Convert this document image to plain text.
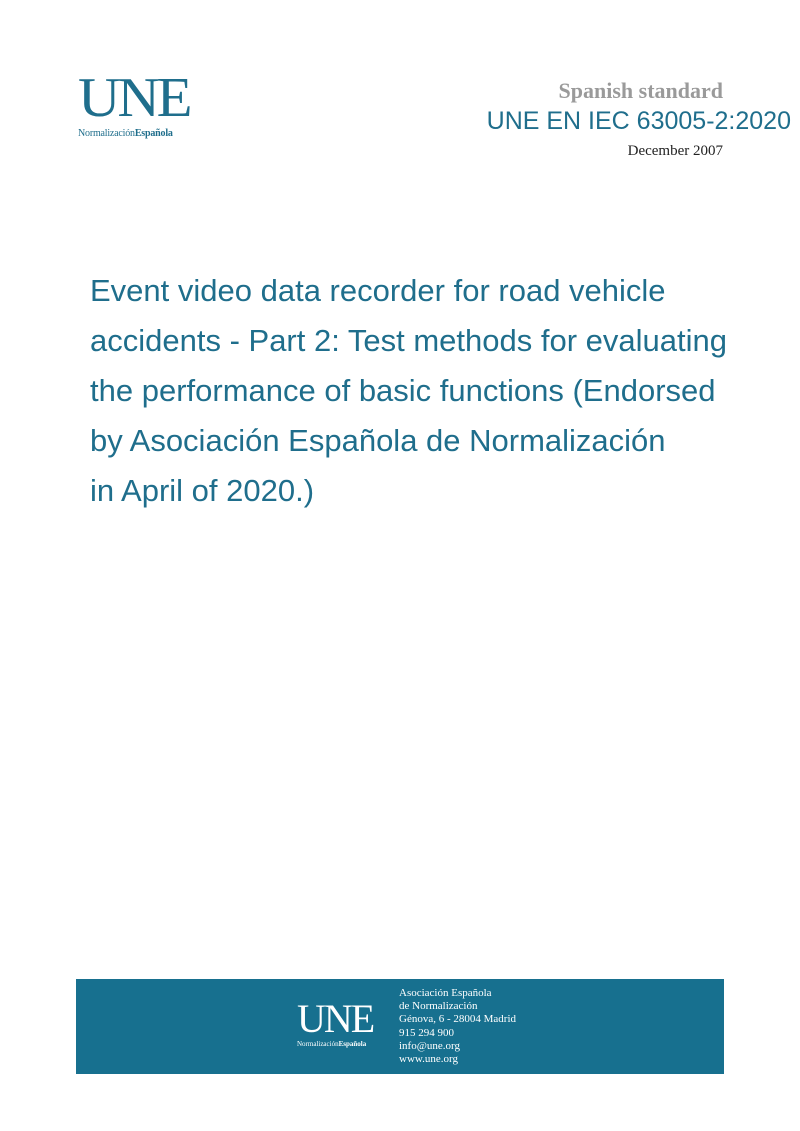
UNE
NormalizaciónEspañola
Spanish standard
UNE EN IEC 63005-2:2020
December 2007
Event video data recorder for road vehicle
accidents - Part 2: Test methods for evaluating
the performance of basic functions (Endorsed
by Asociación Española de Normalización
in April of 2020.)
UNE
NormalizaciónEspañola
Asociación Española
de Normalización
Génova, 6 - 28004 Madrid
915 294 900
info@une.org
www.une.org
